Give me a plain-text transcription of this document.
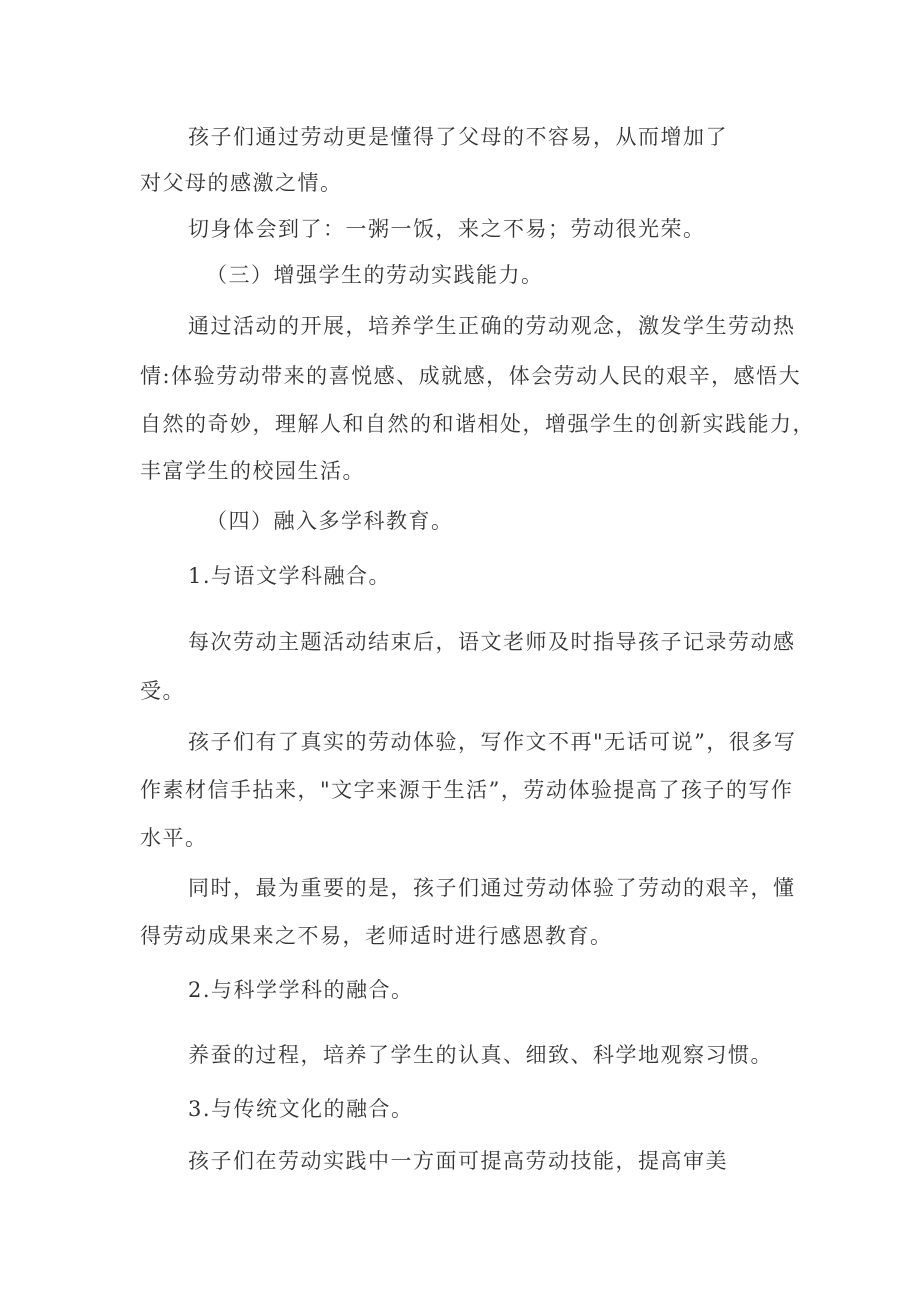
孩子们通过劳动更是懂得了父母的不容易，从而增加了
对父母的感激之情。
切身体会到了：一粥一饭，来之不易；劳动很光荣。
（三）增强学生的劳动实践能力。
通过活动的开展，培养学生正确的劳动观念，激发学生劳动热
情:体验劳动带来的喜悦感、成就感，体会劳动人民的艰辛，感悟大
自然的奇妙，理解人和自然的和谐相处，增强学生的创新实践能力，
丰富学生的校园生活。
（四）融入多学科教育。
1.与语文学科融合。
每次劳动主题活动结束后，语文老师及时指导孩子记录劳动感
受。
孩子们有了真实的劳动体验，写作文不再"无话可说”，很多写
作素材信手拈来，"文字来源于生活”，劳动体验提高了孩子的写作
水平。
同时，最为重要的是，孩子们通过劳动体验了劳动的艰辛，懂
得劳动成果来之不易，老师适时进行感恩教育。
2.与科学学科的融合。
养蚕的过程，培养了学生的认真、细致、科学地观察习惯。
3.与传统文化的融合。
孩子们在劳动实践中一方面可提高劳动技能，提高审美
